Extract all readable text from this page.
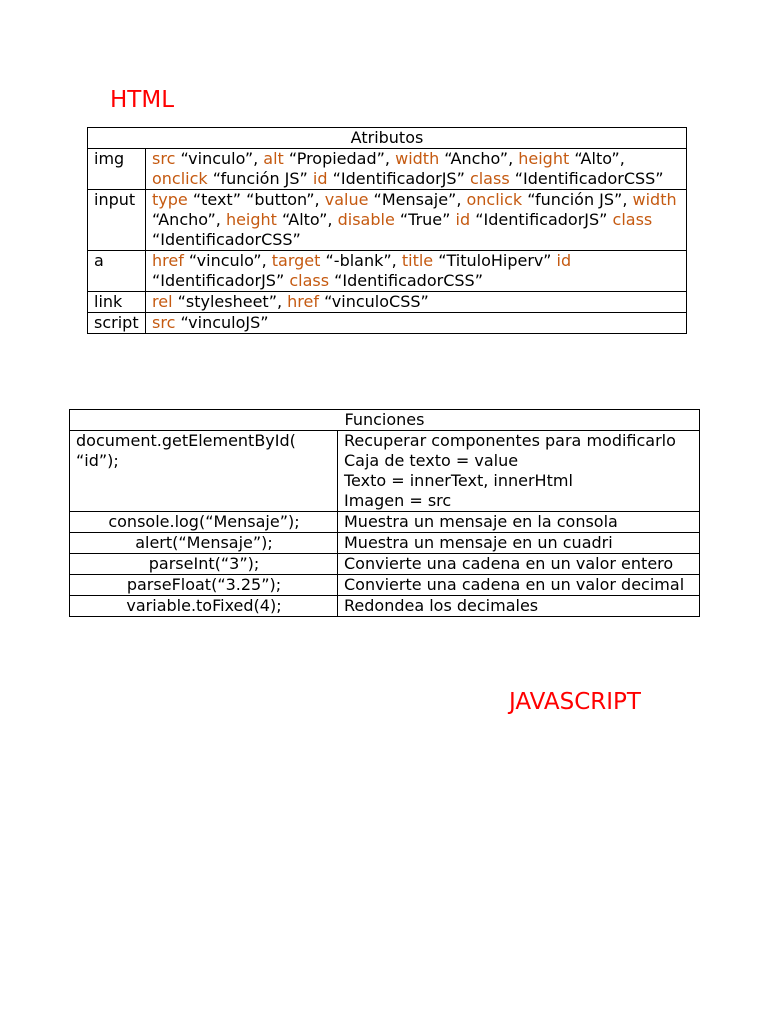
HTML
Atributos	
img	src “vinculo”, alt “Propiedad”, width “Ancho”, height “Alto”, onclick “función JS” id “IdentificadorJS” class “IdentificadorCSS”
input	type “text” “button”, value “Mensaje”, onclick “función JS”, width “Ancho”, height “Alto”, disable “True” id “IdentificadorJS” class “IdentificadorCSS”
a	href “vinculo”, target “-blank”, title “TituloHiperv” id “IdentificadorJS” class “IdentificadorCSS”
link	rel “stylesheet”, href “vinculoCSS”
script	src “vinculoJS”
Funciones	
document.getElementById( “id”);	Recuperar componentes para modificarlo
Caja de texto = value
Texto = innerText, innerHtml
Imagen = src

console.log(“Mensaje”);	Muestra un mensaje en la consola

alert(“Mensaje”);	Muestra un mensaje en un cuadri

parseInt(“3”);	Convierte una cadena en un valor entero

parseFloat(“3.25”);	Convierte una cadena en un valor decimal

variable.toFixed(4);	Redondea los decimales
JAVASCRIPT
